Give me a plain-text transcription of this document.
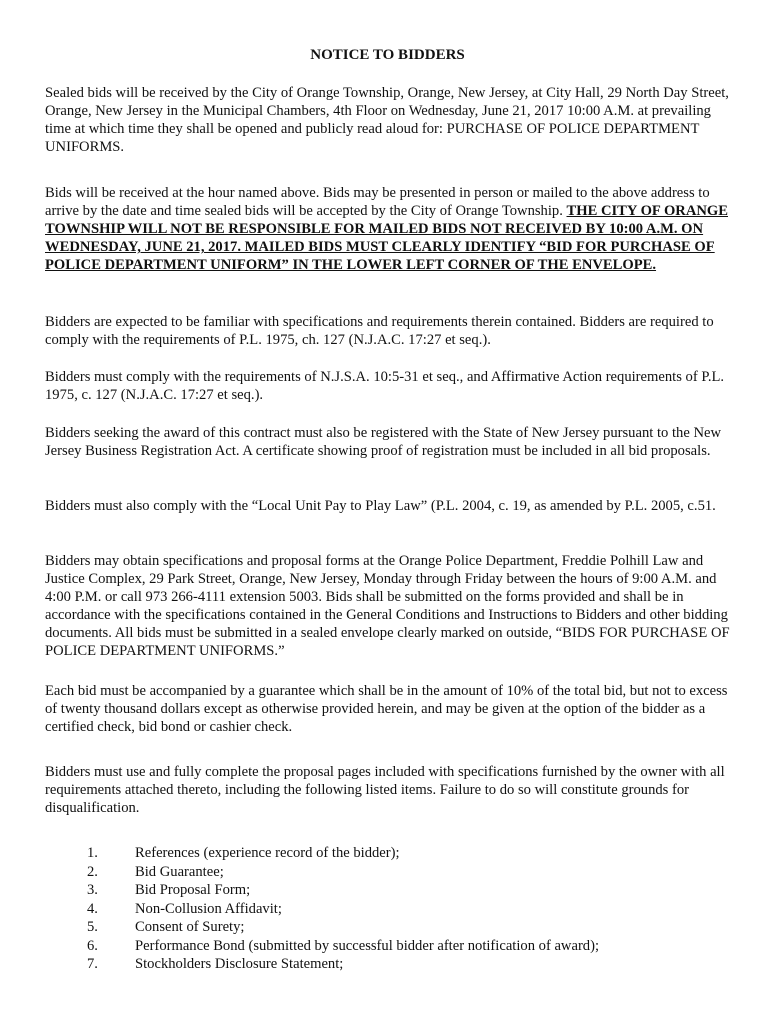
NOTICE TO BIDDERS

Sealed bids will be received by the City of Orange Township, Orange, New Jersey, at City Hall, 29 North Day Street, Orange, New Jersey in the Municipal Chambers, 4th Floor on Wednesday, June 21, 2017 10:00 A.M. at prevailing time at which time they shall be opened and publicly read aloud for: PURCHASE OF POLICE DEPARTMENT UNIFORMS.

Bids will be received at the hour named above. Bids may be presented in person or mailed to the above address to arrive by the date and time sealed bids will be accepted by the City of Orange Township. THE CITY OF ORANGE TOWNSHIP WILL NOT BE RESPONSIBLE FOR MAILED BIDS NOT RECEIVED BY 10:00 A.M. ON WEDNESDAY, JUNE 21, 2017. MAILED BIDS MUST CLEARLY IDENTIFY “BID FOR PURCHASE OF POLICE DEPARTMENT UNIFORM” IN THE LOWER LEFT CORNER OF THE ENVELOPE.

Bidders are expected to be familiar with specifications and requirements therein contained. Bidders are required to comply with the requirements of P.L. 1975, ch. 127 (N.J.A.C. 17:27 et seq.).

Bidders must comply with the requirements of N.J.S.A. 10:5-31 et seq., and Affirmative Action requirements of P.L. 1975, c. 127 (N.J.A.C. 17:27 et seq.).

Bidders seeking the award of this contract must also be registered with the State of New Jersey pursuant to the New Jersey Business Registration Act. A certificate showing proof of registration must be included in all bid proposals.

Bidders must also comply with the “Local Unit Pay to Play Law” (P.L. 2004, c. 19, as amended by P.L. 2005, c.51.

Bidders may obtain specifications and proposal forms at the Orange Police Department, Freddie Polhill Law and Justice Complex, 29 Park Street, Orange, New Jersey, Monday through Friday between the hours of 9:00 A.M. and 4:00 P.M. or call 973 266-4111 extension 5003. Bids shall be submitted on the forms provided and shall be in accordance with the specifications contained in the General Conditions and Instructions to Bidders and other bidding documents. All bids must be submitted in a sealed envelope clearly marked on outside, “BIDS FOR PURCHASE OF POLICE DEPARTMENT UNIFORMS.”

Each bid must be accompanied by a guarantee which shall be in the amount of 10% of the total bid, but not to excess of twenty thousand dollars except as otherwise provided herein, and may be given at the option of the bidder as a certified check, bid bond or cashier check.

Bidders must use and fully complete the proposal pages included with specifications furnished by the owner with all requirements attached thereto, including the following listed items. Failure to do so will constitute grounds for disqualification.

1.	References (experience record of the bidder);
2.	Bid Guarantee;
3.	Bid Proposal Form;
4.	Non-Collusion Affidavit;
5.	Consent of Surety;
6.	Performance Bond (submitted by successful bidder after notification of award);
7.	Stockholders Disclosure Statement;
